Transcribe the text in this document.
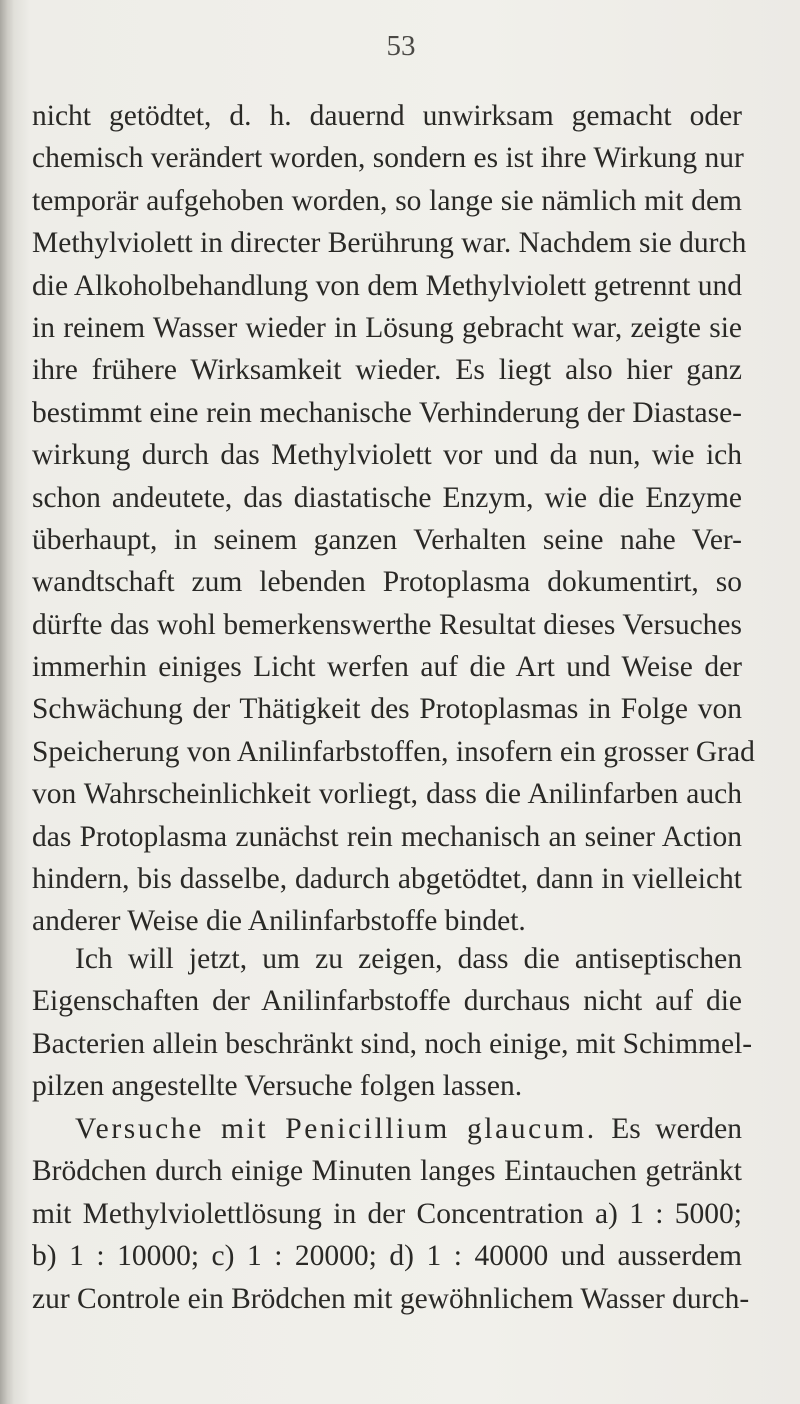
53
nicht getödtet, d. h. dauernd unwirksam gemacht oder
chemisch verändert worden, sondern es ist ihre Wirkung nur
temporär aufgehoben worden, so lange sie nämlich mit dem
Methylviolett in directer Berührung war. Nachdem sie durch
die Alkoholbehandlung von dem Methylviolett getrennt und
in reinem Wasser wieder in Lösung gebracht war, zeigte sie
ihre frühere Wirksamkeit wieder. Es liegt also hier ganz
bestimmt eine rein mechanische Verhinderung der Diastase-
wirkung durch das Methylviolett vor und da nun, wie ich
schon andeutete, das diastatische Enzym, wie die Enzyme
überhaupt, in seinem ganzen Verhalten seine nahe Ver-
wandtschaft zum lebenden Protoplasma dokumentirt, so
dürfte das wohl bemerkenswerthe Resultat dieses Versuches
immerhin einiges Licht werfen auf die Art und Weise der
Schwächung der Thätigkeit des Protoplasmas in Folge von
Speicherung von Anilinfarbstoffen, insofern ein grosser Grad
von Wahrscheinlichkeit vorliegt, dass die Anilinfarben auch
das Protoplasma zunächst rein mechanisch an seiner Action
hindern, bis dasselbe, dadurch abgetödtet, dann in vielleicht
anderer Weise die Anilinfarbstoffe bindet.
Ich will jetzt, um zu zeigen, dass die antiseptischen
Eigenschaften der Anilinfarbstoffe durchaus nicht auf die
Bacterien allein beschränkt sind, noch einige, mit Schimmel-
pilzen angestellte Versuche folgen lassen.
Versuche mit Penicillium glaucum. Es werden
Brödchen durch einige Minuten langes Eintauchen getränkt
mit Methylviolettlösung in der Concentration a) 1 : 5000;
b) 1 : 10000; c) 1 : 20000; d) 1 : 40000 und ausserdem
zur Controle ein Brödchen mit gewöhnlichem Wasser durch-
